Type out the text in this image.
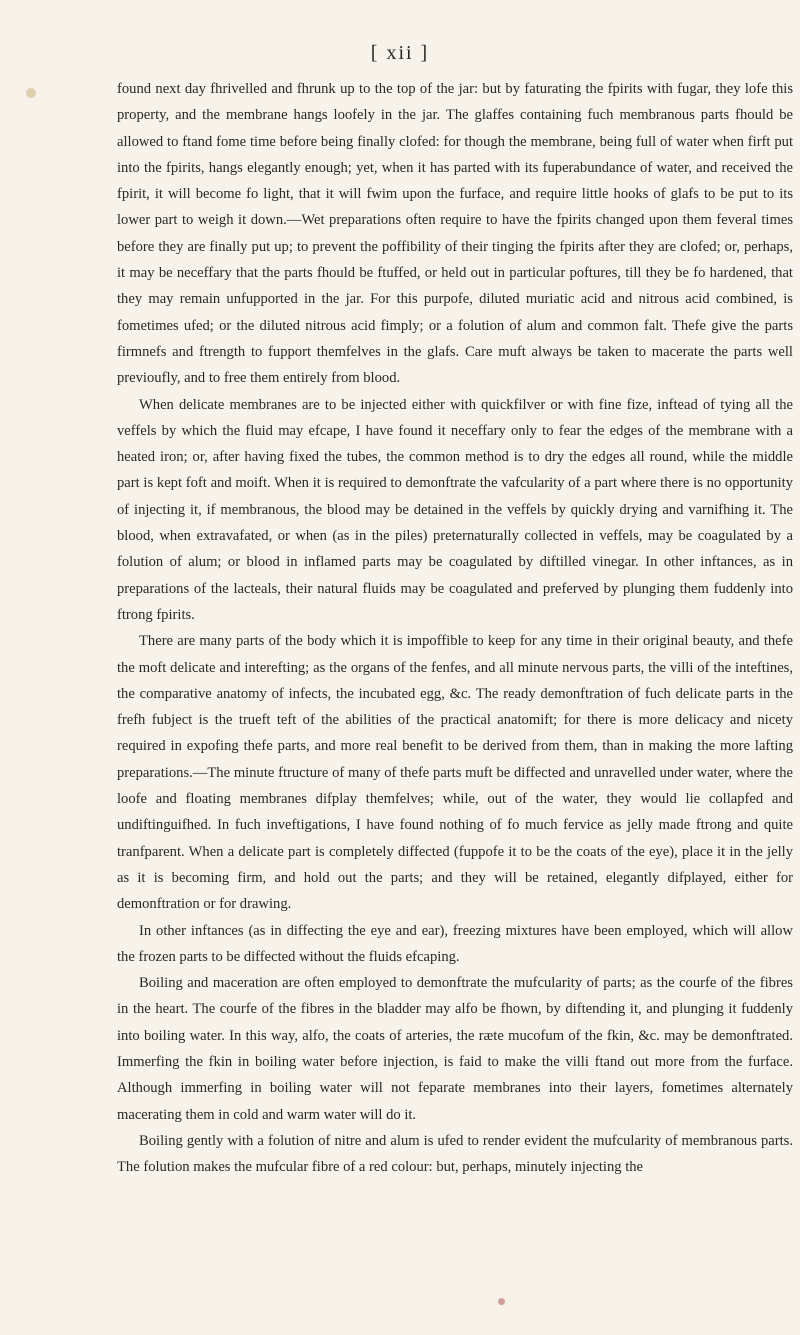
[ xii ]

found next day fhrivelled and fhrunk up to the top of the jar: but by faturating the fpirits with fugar, they lofe this property, and the membrane hangs loofely in the jar. The glaffes containing fuch membranous parts fhould be allowed to ftand fome time before being finally clofed: for though the membrane, being full of water when firft put into the fpirits, hangs elegantly enough; yet, when it has parted with its fuperabundance of water, and received the fpirit, it will become fo light, that it will fwim upon the furface, and require little hooks of glafs to be put to its lower part to weigh it down.—Wet preparations often require to have the fpirits changed upon them feveral times before they are finally put up; to prevent the poffibility of their tinging the fpirits after they are clofed; or, perhaps, it may be neceffary that the parts fhould be ftuffed, or held out in particular poftures, till they be fo hardened, that they may remain unfupported in the jar. For this purpofe, diluted muriatic acid and nitrous acid combined, is fometimes ufed; or the diluted nitrous acid fimply; or a folution of alum and common falt. Thefe give the parts firmnefs and ftrength to fupport themfelves in the glafs. Care muft always be taken to macerate the parts well previoufly, and to free them entirely from blood.

When delicate membranes are to be injected either with quickfilver or with fine fize, inftead of tying all the veffels by which the fluid may efcape, I have found it neceffary only to fear the edges of the membrane with a heated iron; or, after having fixed the tubes, the common method is to dry the edges all round, while the middle part is kept foft and moift. When it is required to demonftrate the vafcularity of a part where there is no opportunity of injecting it, if membranous, the blood may be detained in the veffels by quickly drying and varnifhing it. The blood, when extravafated, or when (as in the piles) preternaturally collected in veffels, may be coagulated by a folution of alum; or blood in inflamed parts may be coagulated by diftilled vinegar. In other inftances, as in preparations of the lacteals, their natural fluids may be coagulated and preferved by plunging them fuddenly into ftrong fpirits.

There are many parts of the body which it is impoffible to keep for any time in their original beauty, and thefe the moft delicate and interefting; as the organs of the fenfes, and all minute nervous parts, the villi of the inteftines, the comparative anatomy of infects, the incubated egg, &c. The ready demonftration of fuch delicate parts in the frefh fubject is the trueft teft of the abilities of the practical anatomift; for there is more delicacy and nicety required in expofing thefe parts, and more real benefit to be derived from them, than in making the more lafting preparations.—The minute ftructure of many of thefe parts muft be diffected and unravelled under water, where the loofe and floating membranes difplay themfelves; while, out of the water, they would lie collapfed and undiftinguifhed. In fuch inveftigations, I have found nothing of fo much fervice as jelly made ftrong and quite tranfparent. When a delicate part is completely diffected (fuppofe it to be the coats of the eye), place it in the jelly as it is becoming firm, and hold out the parts; and they will be retained, elegantly difplayed, either for demonftration or for drawing.

In other inftances (as in diffecting the eye and ear), freezing mixtures have been employed, which will allow the frozen parts to be diffected without the fluids efcaping.

Boiling and maceration are often employed to demonftrate the mufcularity of parts; as the courfe of the fibres in the heart. The courfe of the fibres in the bladder may alfo be fhown, by diftending it, and plunging it fuddenly into boiling water. In this way, alfo, the coats of arteries, the ræte mucofum of the fkin, &c. may be demonftrated. Immerfing the fkin in boiling water before injection, is faid to make the villi ftand out more from the furface. Although immerfing in boiling water will not feparate membranes into their layers, fometimes alternately macerating them in cold and warm water will do it.

Boiling gently with a folution of nitre and alum is ufed to render evident the mufcularity of membranous parts. The folution makes the mufcular fibre of a red colour: but, perhaps, minutely injecting the
